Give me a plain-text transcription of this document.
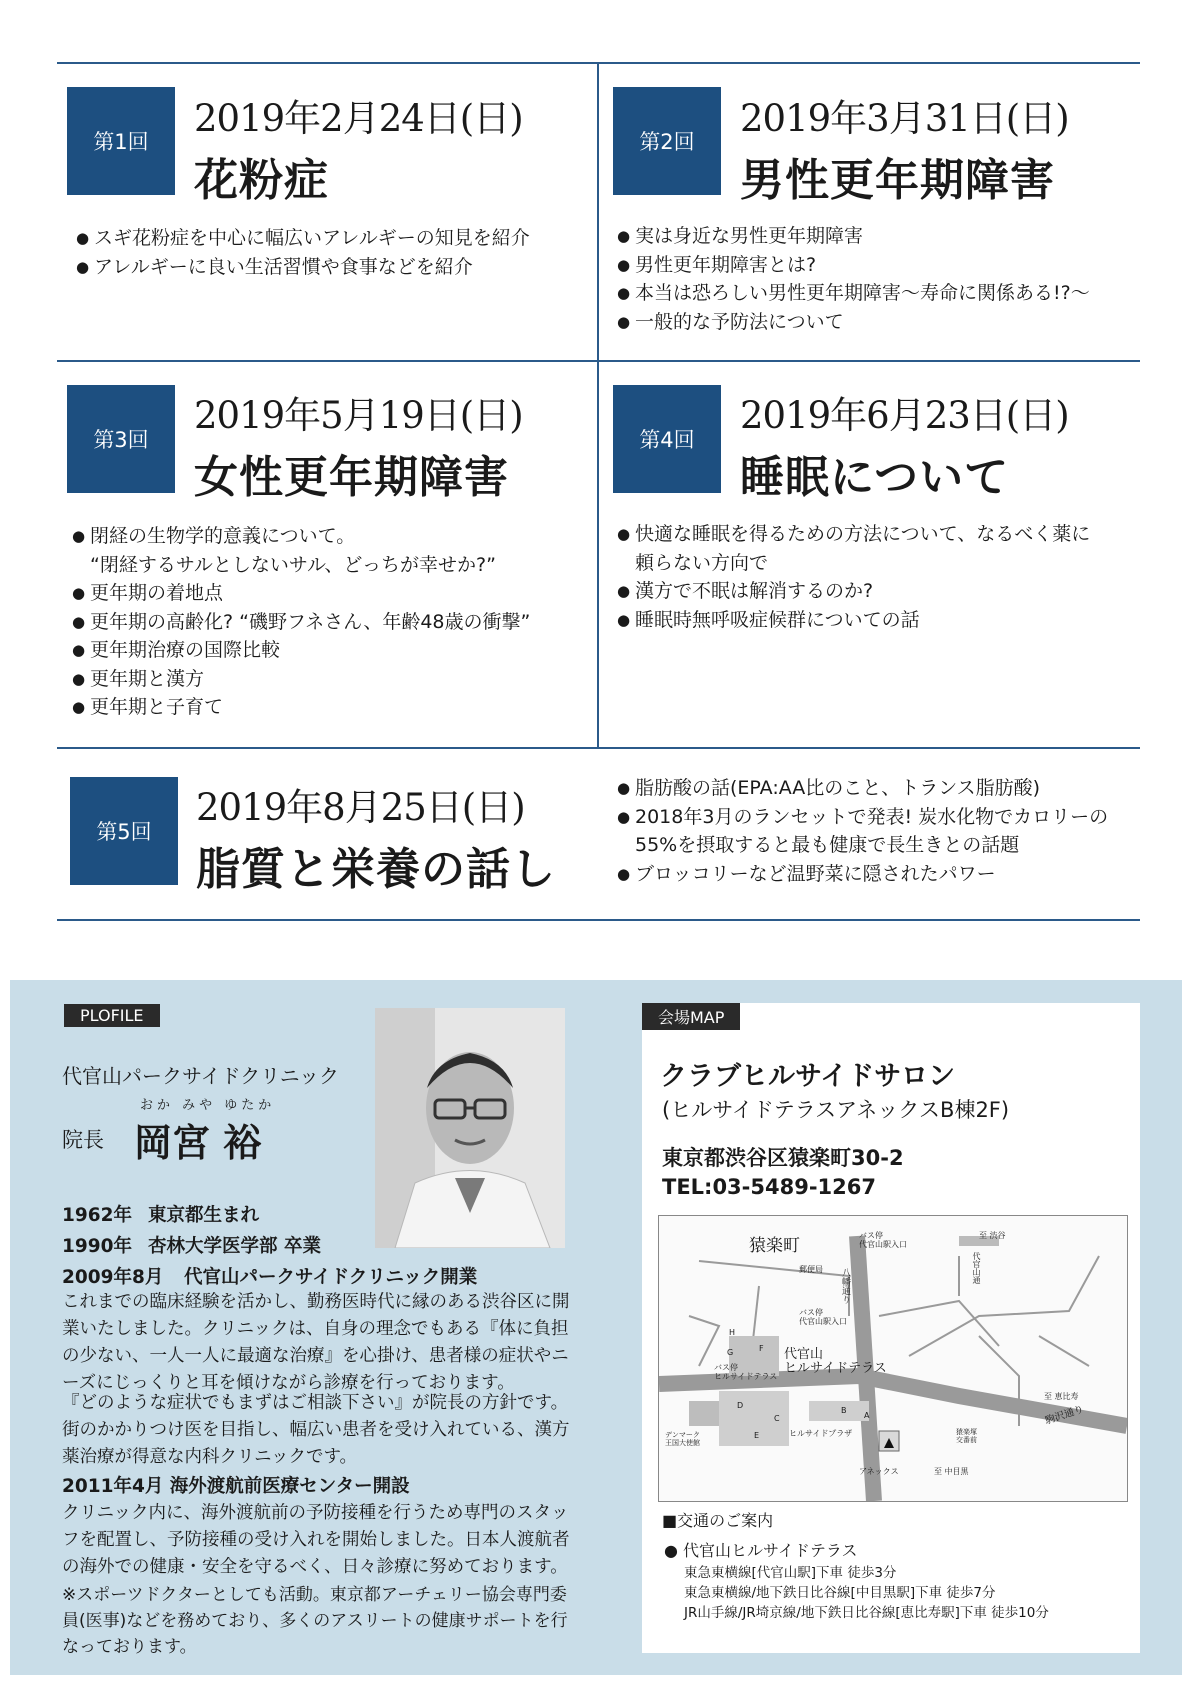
第1回
2019年2月24日(日)
花粉症
● スギ花粉症を中心に幅広いアレルギーの知見を紹介
● アレルギーに良い生活習慣や食事などを紹介
第2回
2019年3月31日(日)
男性更年期障害
● 実は身近な男性更年期障害
● 男性更年期障害とは?
● 本当は恐ろしい男性更年期障害〜寿命に関係ある!?〜
● 一般的な予防法について
第3回
2019年5月19日(日)
女性更年期障害
● 閉経の生物学的意義について。
“閉経するサルとしないサル、どっちが幸せか?”
● 更年期の着地点
● 更年期の高齢化? “磯野フネさん、年齢48歳の衝撃”
● 更年期治療の国際比較
● 更年期と漢方
● 更年期と子育て
第4回
2019年6月23日(日)
睡眠について
● 快適な睡眠を得るための方法について、なるべく薬に
頼らない方向で
● 漢方で不眠は解消するのか?
● 睡眠時無呼吸症候群についての話
第5回
2019年8月25日(日)
脂質と栄養の話し
● 脂肪酸の話(EPA:AA比のこと、トランス脂肪酸)
● 2018年3月のランセットで発表! 炭水化物でカロリーの
55%を摂取すると最も健康で長生きとの話題
● ブロッコリーなど温野菜に隠されたパワー
PLOFILE
代官山パークサイドクリニック
おか みや ゆたか
院長 岡宮 裕
1962年 東京都生まれ
1990年 杏林大学医学部 卒業
2009年8月 代官山パークサイドクリニック開業
これまでの臨床経験を活かし、勤務医時代に縁のある渋谷区に開業いたしました。クリニックは、自身の理念でもある『体に負担の少ない、一人一人に最適な治療』を心掛け、患者様の症状やニーズにじっくりと耳を傾けながら診療を行っております。
『どのような症状でもまずはご相談下さい』が院長の方針です。街のかかりつけ医を目指し、幅広い患者を受け入れている、漢方薬治療が得意な内科クリニックです。
2011年4月 海外渡航前医療センター開設
クリニック内に、海外渡航前の予防接種を行うため専門のスタッフを配置し、予防接種の受け入れを開始しました。日本人渡航者の海外での健康・安全を守るべく、日々診療に努めております。
※スポーツドクターとしても活動。東京都アーチェリー協会専門委員(医事)などを務めており、多くのアスリートの健康サポートを行なっております。
会場MAP
クラブヒルサイドサロン
(ヒルサイドテラスアネックスB棟2F)
東京都渋谷区猿楽町30-2
TEL:03-5489-1267
猿楽町
バス停
代官山駅入口
至 渋谷
代官山通
八幡通り
郵便局
バス停
代官山駅入口
代官山
ヒルサイドテラス
バス停
ヒルサイドテラス
至 恵比寿
駒沢通り
ヒルサイドプラザ
デンマーク
王国大使館
アネックス	至 中目黒
猿楽塚
交番前
H
G	F
D
C
E
B
A
■交通のご案内
● 代官山ヒルサイドテラス
東急東横線[代官山駅]下車 徒歩3分
東急東横線/地下鉄日比谷線[中目黒駅]下車 徒歩7分
JR山手線/JR埼京線/地下鉄日比谷線[恵比寿駅]下車 徒歩10分
